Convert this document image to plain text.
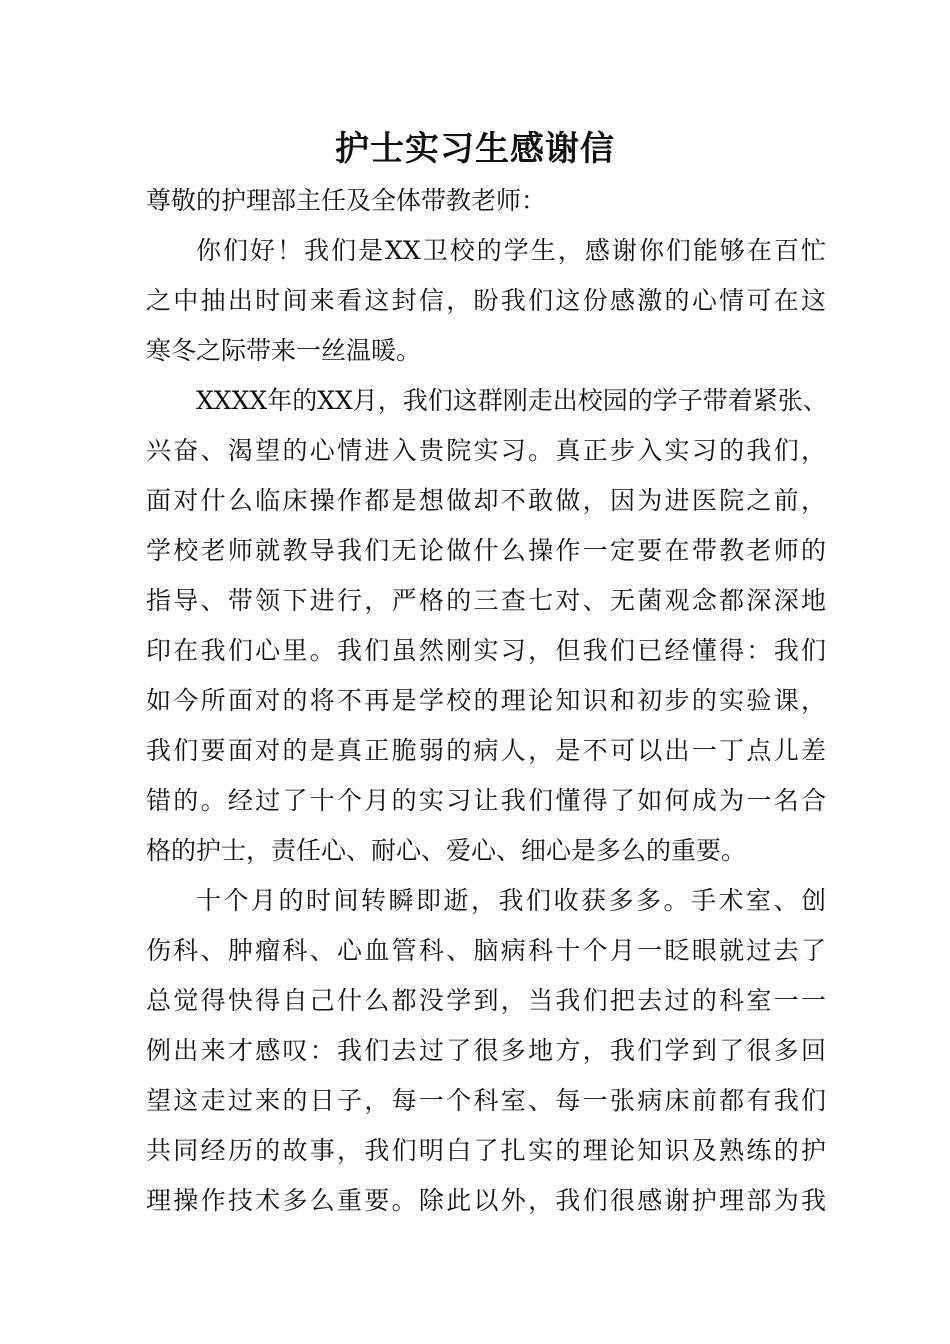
护士实习生感谢信
尊敬的护理部主任及全体带教老师：
你们好！我们是XX卫校的学生，感谢你们能够在百忙
之中抽出时间来看这封信，盼我们这份感激的心情可在这
寒冬之际带来一丝温暖。
XXXX年的XX月，我们这群刚走出校园的学子带着紧张、
兴奋、渴望的心情进入贵院实习。真正步入实习的我们，
面对什么临床操作都是想做却不敢做，因为进医院之前，
学校老师就教导我们无论做什么操作一定要在带教老师的
指导、带领下进行，严格的三查七对、无菌观念都深深地
印在我们心里。我们虽然刚实习，但我们已经懂得：我们
如今所面对的将不再是学校的理论知识和初步的实验课，
我们要面对的是真正脆弱的病人，是不可以出一丁点儿差
错的。经过了十个月的实习让我们懂得了如何成为一名合
格的护士，责任心、耐心、爱心、细心是多么的重要。
十个月的时间转瞬即逝，我们收获多多。手术室、创
伤科、肿瘤科、心血管科、脑病科十个月一眨眼就过去了
总觉得快得自己什么都没学到，当我们把去过的科室一一
例出来才感叹：我们去过了很多地方，我们学到了很多回
望这走过来的日子，每一个科室、每一张病床前都有我们
共同经历的故事，我们明白了扎实的理论知识及熟练的护
理操作技术多么重要。除此以外，我们很感谢护理部为我
